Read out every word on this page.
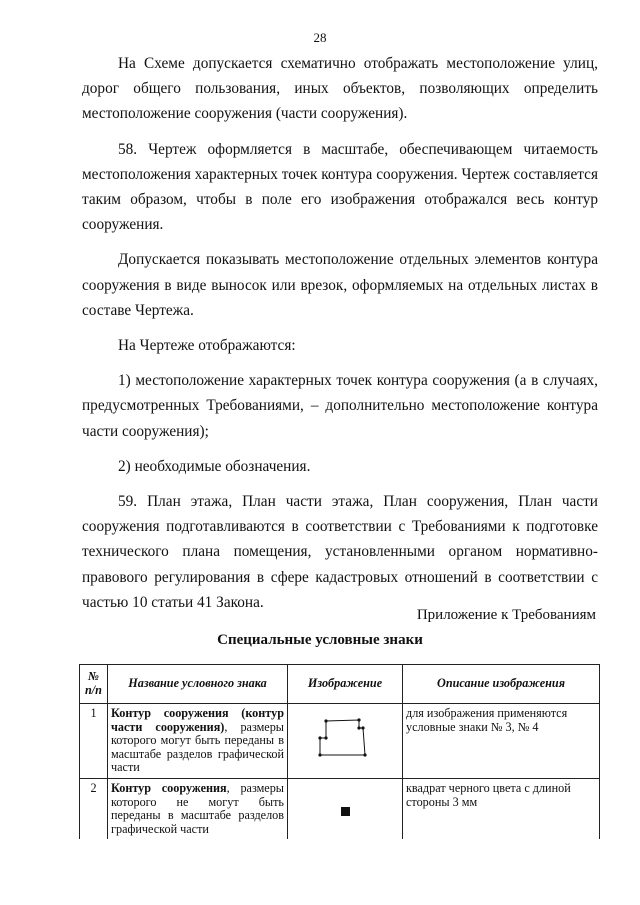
28

На Схеме допускается схематично отображать местоположение улиц, дорог общего пользования, иных объектов, позволяющих определить местоположение сооружения (части сооружения).

58. Чертеж оформляется в масштабе, обеспечивающем читаемость местоположения характерных точек контура сооружения. Чертеж составляется таким образом, чтобы в поле его изображения отображался весь контур сооружения.

Допускается показывать местоположение отдельных элементов контура сооружения в виде выносок или врезок, оформляемых на отдельных листах в составе Чертежа.

На Чертеже отображаются:

1) местоположение характерных точек контура сооружения (а в случаях, предусмотренных Требованиями, – дополнительно местоположение контура части сооружения);

2) необходимые обозначения.

59. План этажа, План части этажа, План сооружения, План части сооружения подготавливаются в соответствии с Требованиями к подготовке технического плана помещения, установленными органом нормативно-правового регулирования в сфере кадастровых отношений в соответствии с частью 10 статьи 41 Закона.

Приложение к Требованиям
Специальные условные знаки
№ п/п	Название условного знака	Изображение	Описание изображения
1	Контур сооружения (контур части сооружения), размеры которого могут быть переданы в масштабе разделов графической части		для изображения применяются условные знаки № 3, № 4
2	Контур сооружения, размеры которого не могут быть переданы в масштабе разделов графической части		квадрат черного цвета с длиной стороны 3 мм
